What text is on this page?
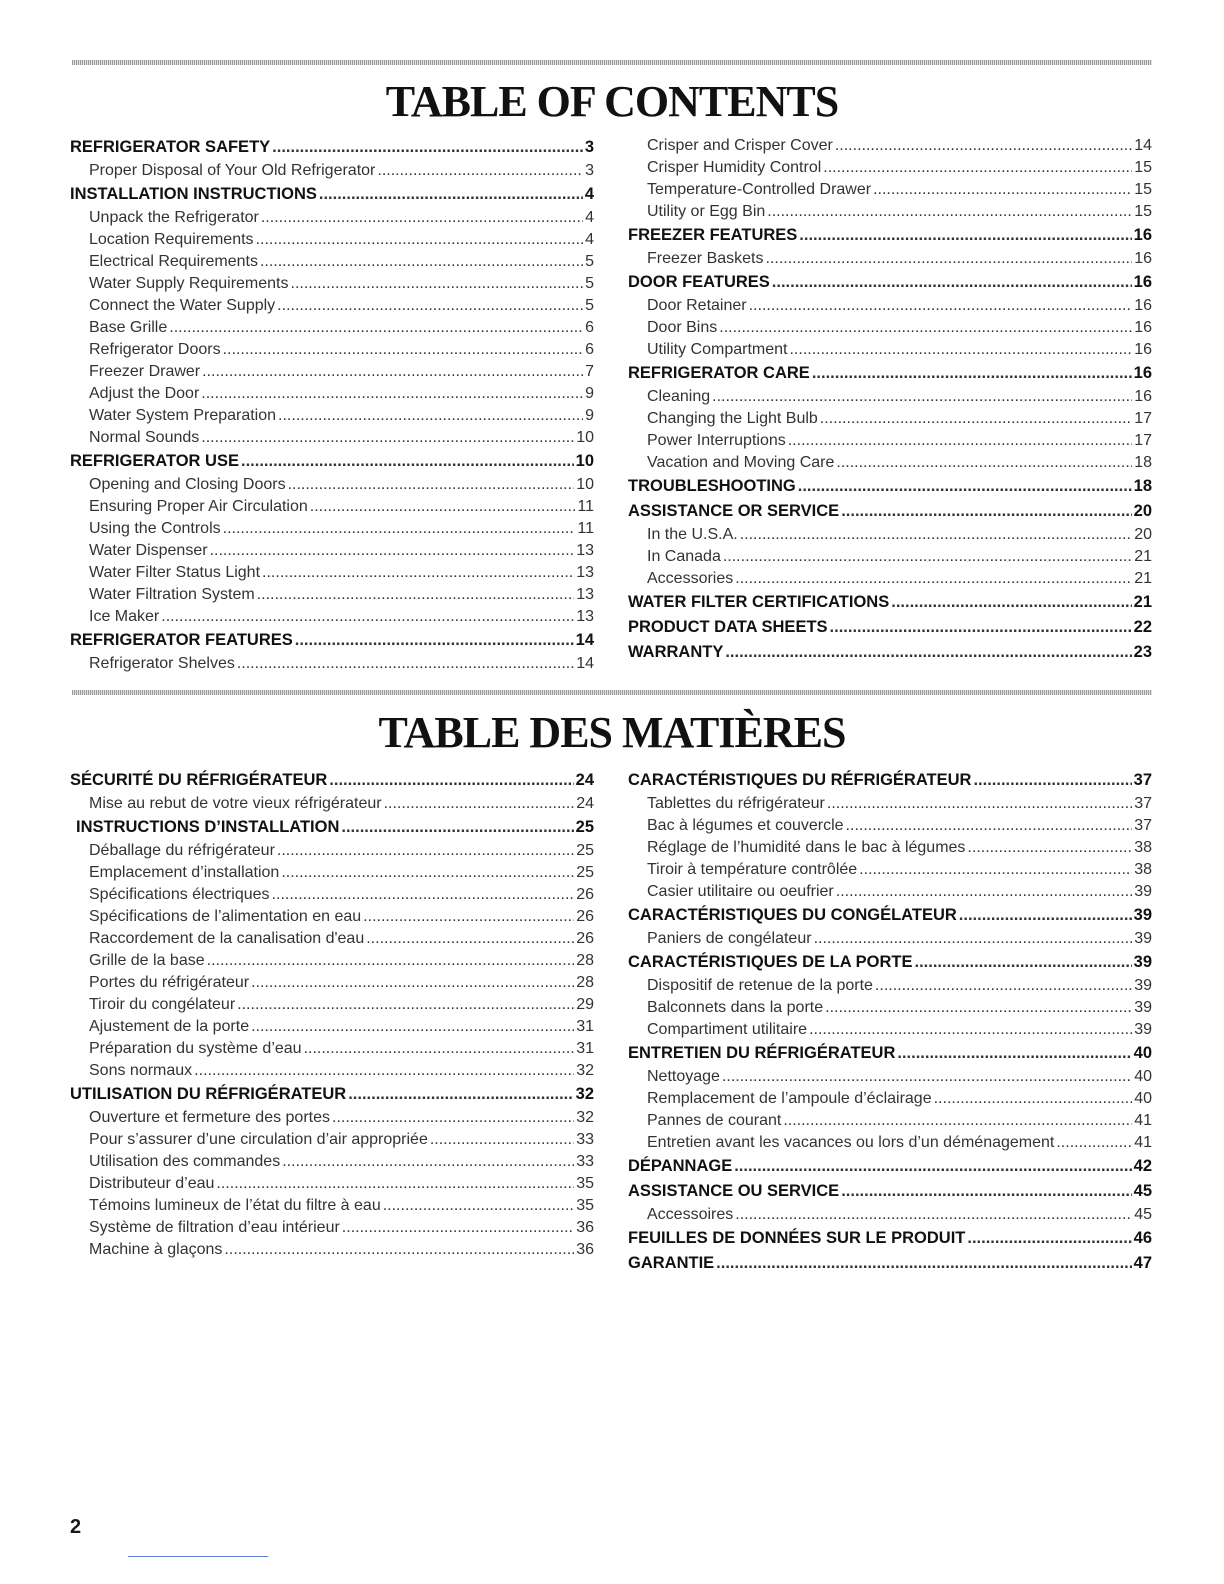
TABLE OF CONTENTS
REFRIGERATOR SAFETY .....	3
Proper Disposal of Your Old Refrigerator .....	3
INSTALLATION INSTRUCTIONS .....	4
Unpack the Refrigerator .....	4
Location Requirements .....	4
Electrical Requirements .....	5
Water Supply Requirements .....	5
Connect the Water Supply .....	5
Base Grille .....	6
Refrigerator Doors .....	6
Freezer Drawer .....	7
Adjust the Door .....	9
Water System Preparation .....	9
Normal Sounds .....	10
REFRIGERATOR USE .....	10
Opening and Closing Doors .....	10
Ensuring Proper Air Circulation .....	11
Using the Controls .....	11
Water Dispenser .....	13
Water Filter Status Light .....	13
Water Filtration System .....	13
Ice Maker .....	13
REFRIGERATOR FEATURES .....	14
Refrigerator Shelves .....	14
Crisper and Crisper Cover .....	14
Crisper Humidity Control .....	15
Temperature-Controlled Drawer .....	15
Utility or Egg Bin .....	15
FREEZER FEATURES .....	16
Freezer Baskets .....	16
DOOR FEATURES .....	16
Door Retainer .....	16
Door Bins .....	16
Utility Compartment .....	16
REFRIGERATOR CARE .....	16
Cleaning .....	16
Changing the Light Bulb .....	17
Power Interruptions .....	17
Vacation and Moving Care .....	18
TROUBLESHOOTING .....	18
ASSISTANCE OR SERVICE .....	20
In the U.S.A. .....	20
In Canada .....	21
Accessories .....	21
WATER FILTER CERTIFICATIONS .....	21
PRODUCT DATA SHEETS .....	22
WARRANTY .....	23
TABLE DES MATIÈRES
SÉCURITÉ DU RÉFRIGÉRATEUR .....	24
Mise au rebut de votre vieux réfrigérateur .....	24
INSTRUCTIONS D’INSTALLATION .....	25
Déballage du réfrigérateur .....	25
Emplacement d’installation .....	25
Spécifications électriques .....	26
Spécifications de l’alimentation en eau .....	26
Raccordement de la canalisation d'eau .....	26
Grille de la base .....	28
Portes du réfrigérateur .....	28
Tiroir du congélateur .....	29
Ajustement de la porte .....	31
Préparation du système d’eau .....	31
Sons normaux .....	32
UTILISATION DU RÉFRIGÉRATEUR .....	32
Ouverture et fermeture des portes .....	32
Pour s’assurer d’une circulation d’air appropriée .....	33
Utilisation des commandes .....	33
Distributeur d’eau .....	35
Témoins lumineux de l’état du filtre à eau .....	35
Système de filtration d’eau intérieur .....	36
Machine à glaçons .....	36
CARACTÉRISTIQUES DU RÉFRIGÉRATEUR .....	37
Tablettes du réfrigérateur .....	37
Bac à légumes et couvercle .....	37
Réglage de l’humidité dans le bac à légumes .....	38
Tiroir à température contrôlée .....	38
Casier utilitaire ou oeufrier .....	39
CARACTÉRISTIQUES DU CONGÉLATEUR .....	39
Paniers de congélateur .....	39
CARACTÉRISTIQUES DE LA PORTE .....	39
Dispositif de retenue de la porte .....	39
Balconnets dans la porte .....	39
Compartiment utilitaire .....	39
ENTRETIEN DU RÉFRIGÉRATEUR .....	40
Nettoyage .....	40
Remplacement de l’ampoule d’éclairage .....	40
Pannes de courant .....	41
Entretien avant les vacances ou lors d’un déménagement .....	41
DÉPANNAGE .....	42
ASSISTANCE OU SERVICE .....	45
Accessoires .....	45
FEUILLES DE DONNÉES SUR LE PRODUIT .....	46
GARANTIE .....	47
2
